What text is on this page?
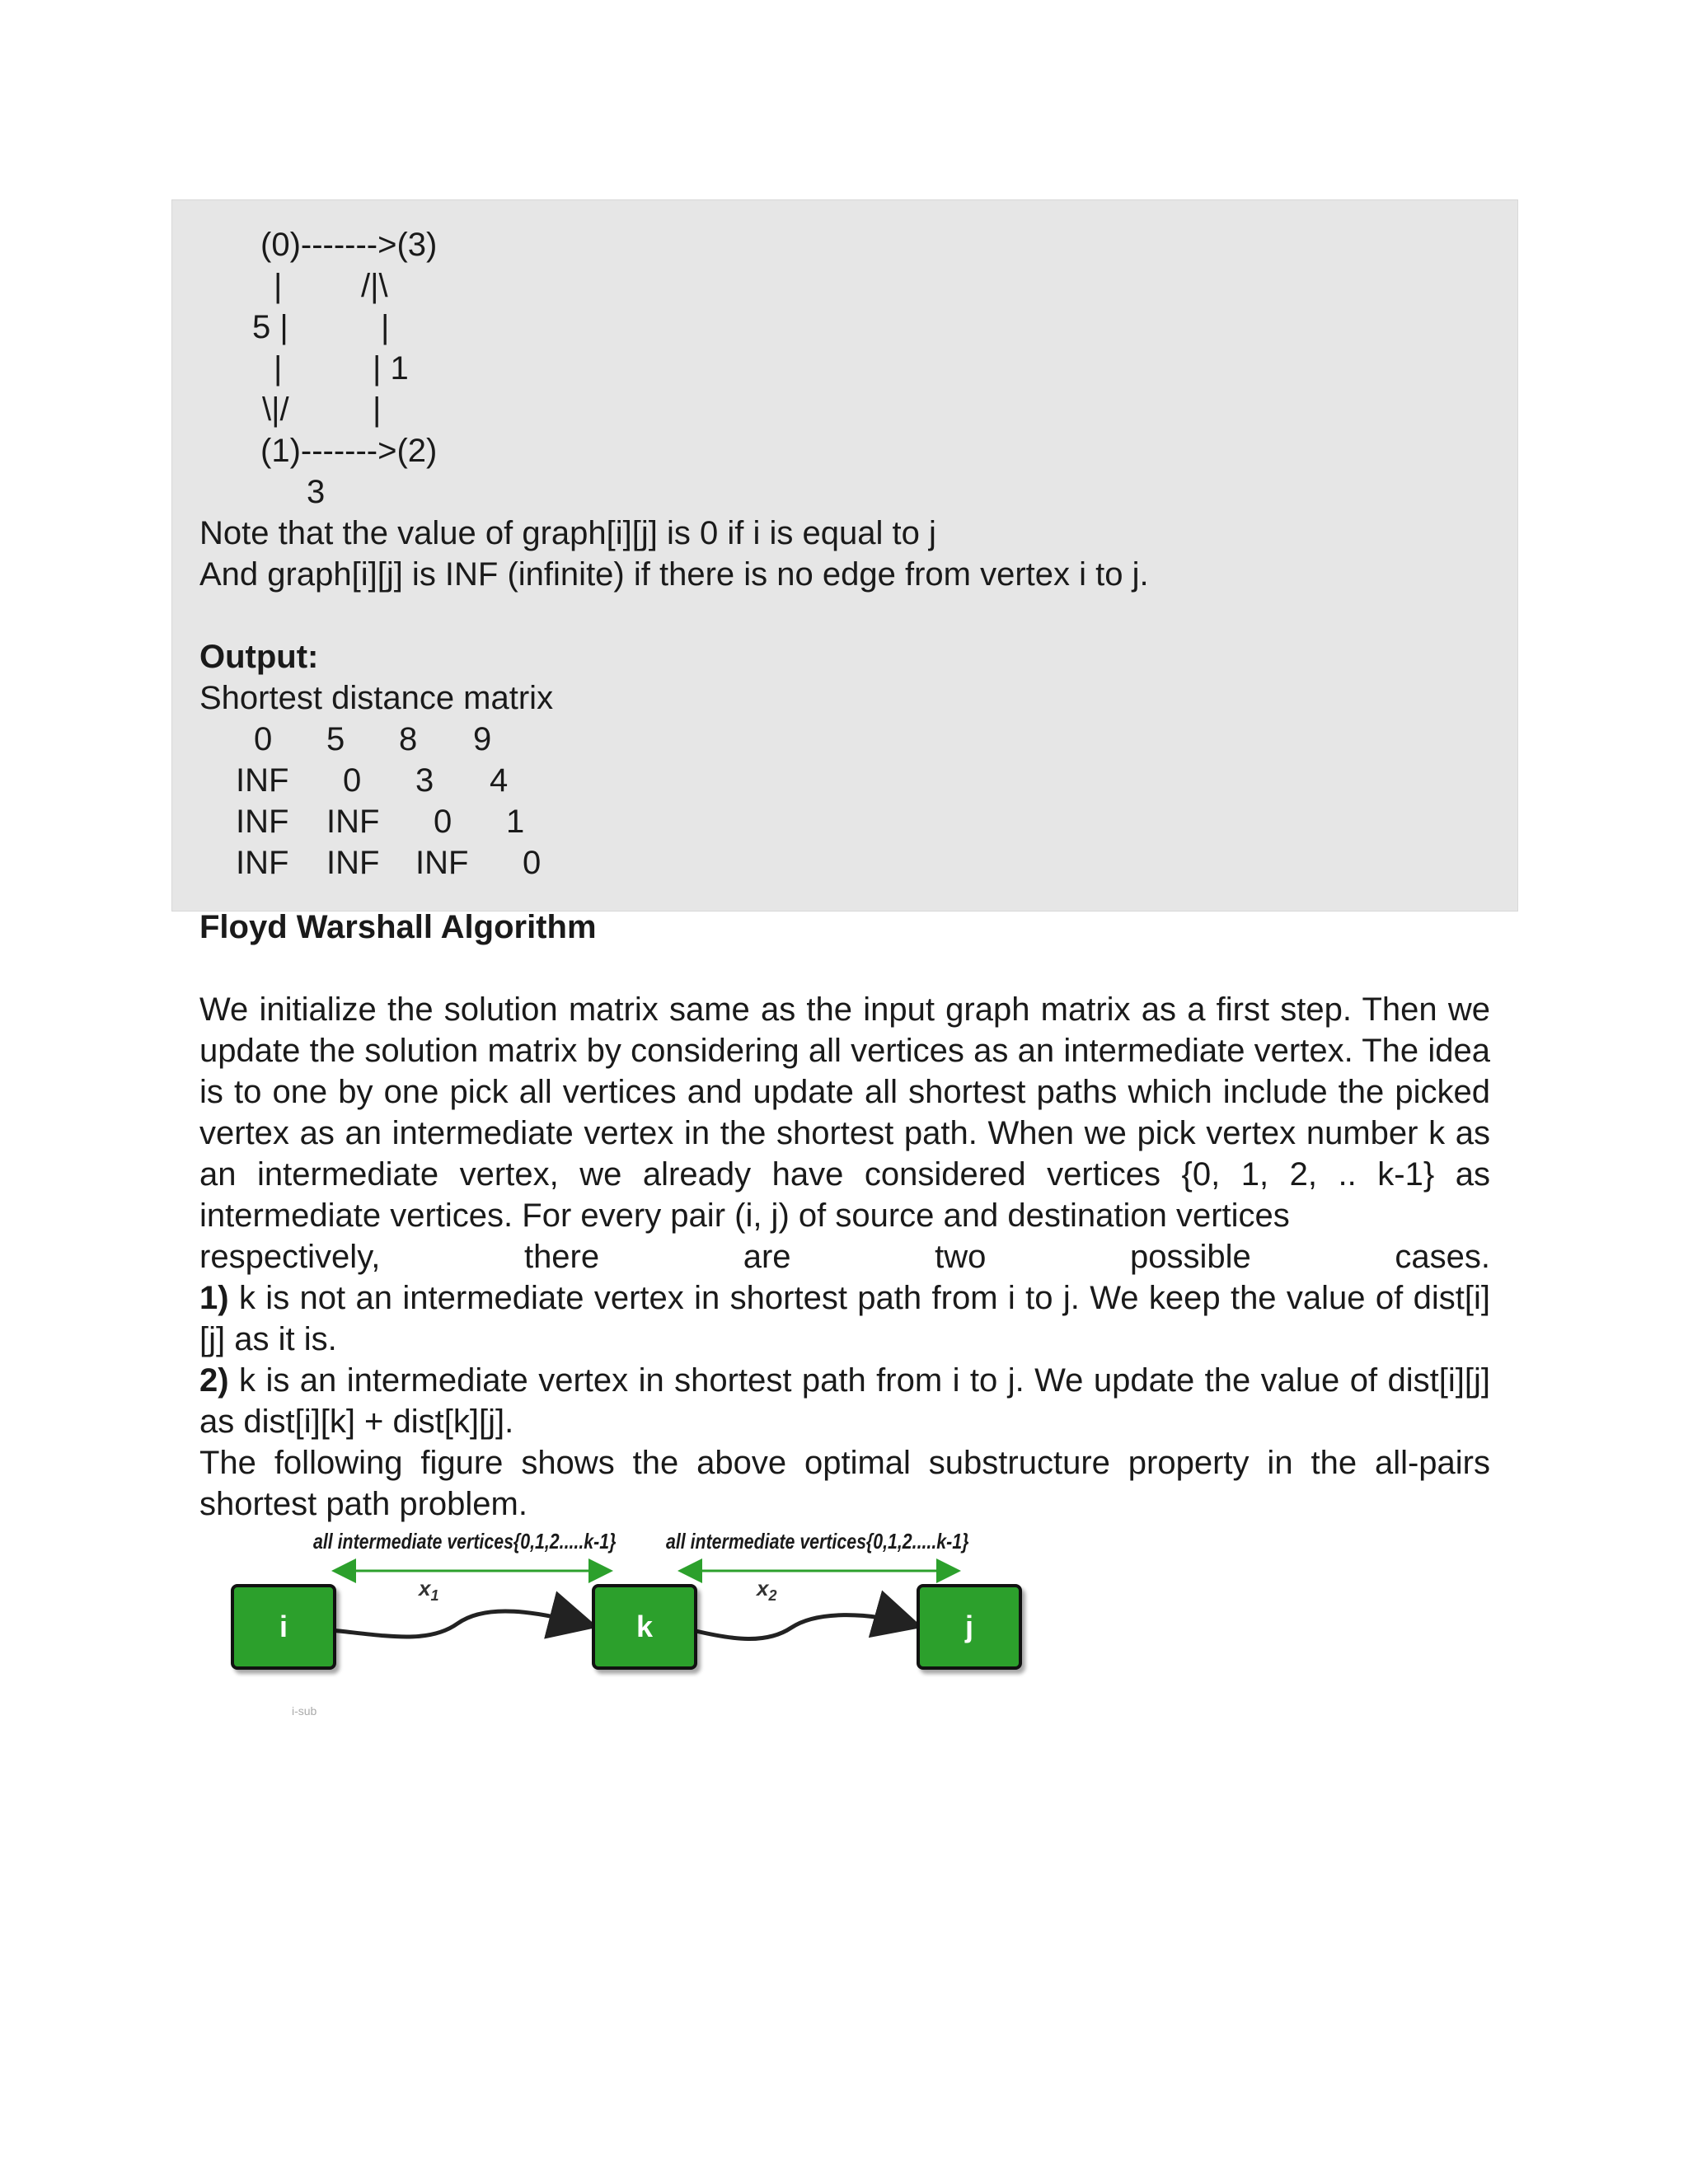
(0)------->(3)
| /|\
5 |	|
|	| 1
\|/	|
(1)------->(2)
3
Note that the value of graph[i][j] is 0 if i is equal to j
And graph[i][j] is INF (infinite) if there is no edge from vertex i to j.
Output:
Shortest distance matrix
0 5 8 9
INF 0 3 4
INF INF 0 1
INF INF INF 0
Floyd Warshall Algorithm
We initialize the solution matrix same as the input graph matrix as a first step. Then we update the solution matrix by considering all vertices as an intermediate vertex. The idea is to one by one pick all vertices and update all shortest paths which include the picked vertex as an intermediate vertex in the shortest path. When we pick vertex number k as an intermediate vertex, we already have considered vertices {0, 1, 2, .. k-1} as intermediate vertices. For every pair (i, j) of source and destination vertices
respectively, there are two possible cases.
1) k is not an intermediate vertex in shortest path from i to j. We keep the value of dist[i][j] as it is.
2) k is an intermediate vertex in shortest path from i to j. We update the value of dist[i][j] as dist[i][k] + dist[k][j].
The following figure shows the above optimal substructure property in the all-pairs shortest path problem.
all intermediate vertices{0,1,2.....k-1} all intermediate vertices{0,1,2.....k-1}
$x_1$	$x_2$
i	k	j
i-sub
